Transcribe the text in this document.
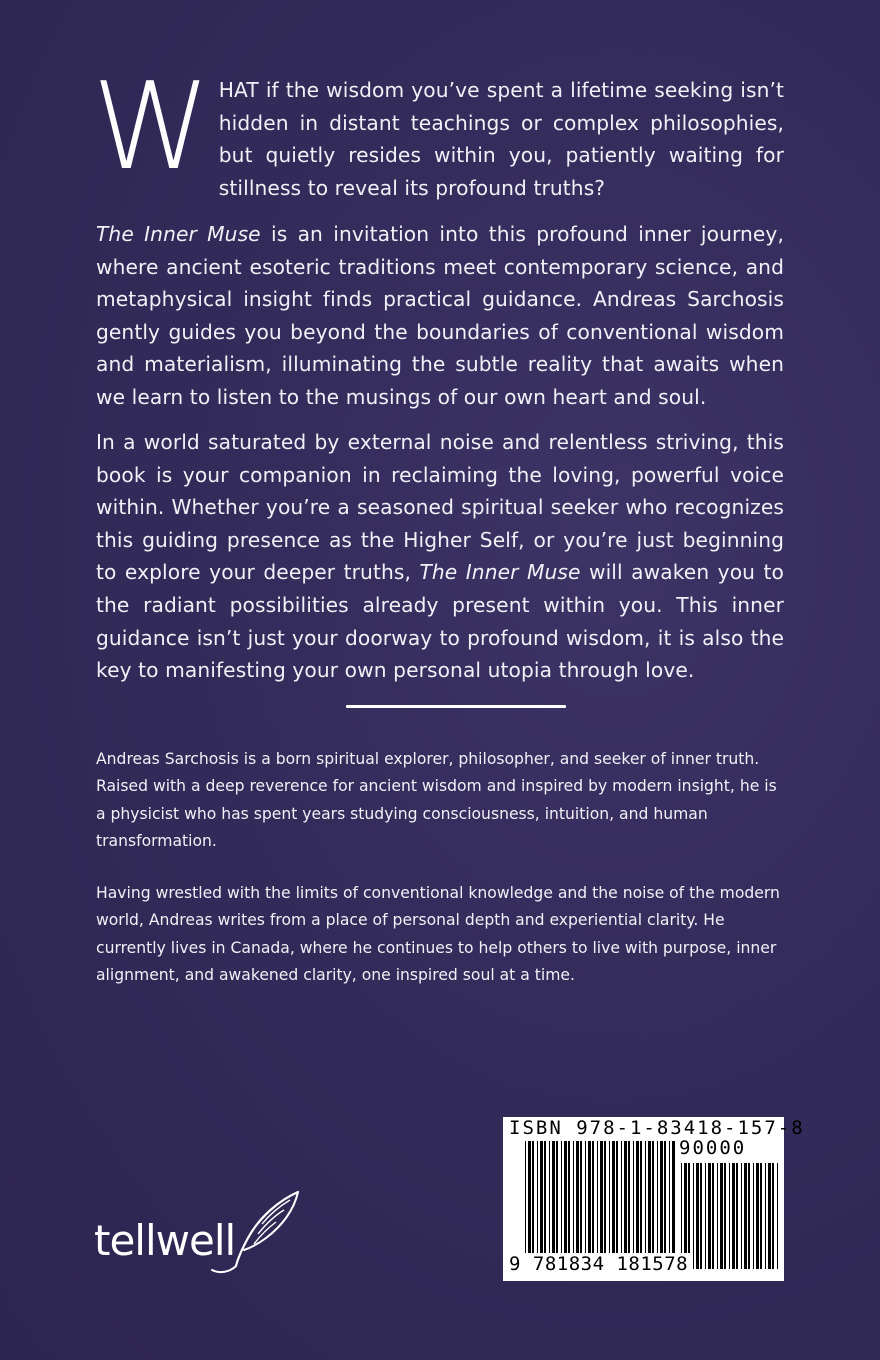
WHAT if the wisdom you’ve spent a lifetime seeking isn’t hidden in distant teachings or complex philosophies, but quietly resides within you, patiently waiting for stillness to reveal its profound truths?

The Inner Muse is an invitation into this profound inner journey, where ancient esoteric traditions meet contemporary science, and metaphysical insight finds practical guidance. Andreas Sarchosis gently guides you beyond the boundaries of conventional wisdom and materialism, illuminating the subtle reality that awaits when we learn to listen to the musings of our own heart and soul.

In a world saturated by external noise and relentless striving, this book is your companion in reclaiming the loving, powerful voice within. Whether you’re a seasoned spiritual seeker who recognizes this guiding presence as the Higher Self, or you’re just beginning to explore your deeper truths, The Inner Muse will awaken you to the radiant possibilities already present within you. This inner guidance isn’t just your doorway to profound wisdom, it is also the key to manifesting your own personal utopia through love.

Andreas Sarchosis is a born spiritual explorer, philosopher, and seeker of inner truth. Raised with a deep reverence for ancient wisdom and inspired by modern insight, he is a physicist who has spent years studying consciousness, intuition, and human transformation.

Having wrestled with the limits of conventional knowledge and the noise of the modern world, Andreas writes from a place of personal depth and experiential clarity. He currently lives in Canada, where he continues to help others to live with purpose, inner alignment, and awakened clarity, one inspired soul at a time.

tellwell
ISBN 978-1-83418-157-8
90000
9 781834 181578
